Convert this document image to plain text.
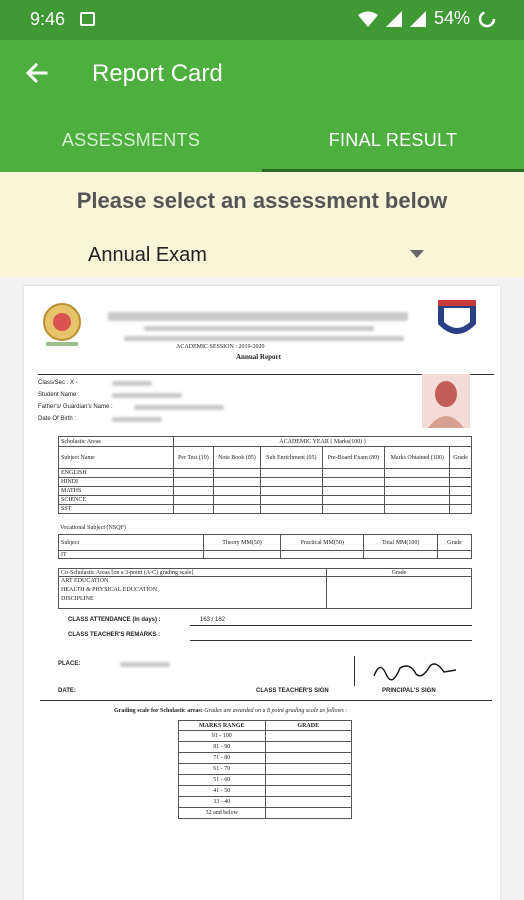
9:46	54%
Report Card
ASSESSMENTS	FINAL RESULT
Please select an assessment below
Annual Exam
ACADEMIC SESSION : 2019-2020
Annual Report
Class/Sec : X -
Student Name :
Father's/ Guardian's Name :
Date Of Birth :
Scholastic Areas	ACADEMIC YEAR ( Marks(100) )					
Subject Name	Per Test (10)	Note Book (05)	Sub Enrichment (05)	Pre-Board Exam (80)	Marks Obtained (100)	Grade
ENGLISH						
HINDI						
MATHS						
SCIENCE						
SST						
Vocational Subject (NSQF)
Subject	Theory MM(50)	Practical MM(50)	Total MM(100)	Grade
IT				
Co-Scholastic Areas [on a 3-point (A-C) grading scale]	Grade

ART EDUCATION
HEALTH & PHYSICAL EDUCATION
DISCIPLINE	

CLASS ATTENDANCE (In days) :	163 / 182
CLASS TEACHER'S REMARKS :
PLACE:
DATE:	CLASS TEACHER'S SIGN	PRINCIPAL'S SIGN
Grading scale for Scholastic areas: Grades are awarded on a 8 point grading scale as follows :
MARKS RANGE	GRADE
91 - 100	
81 - 90	
71 - 80	
61 - 70	
51 - 60	
41 - 50	
33 - 40	
32 and below	
